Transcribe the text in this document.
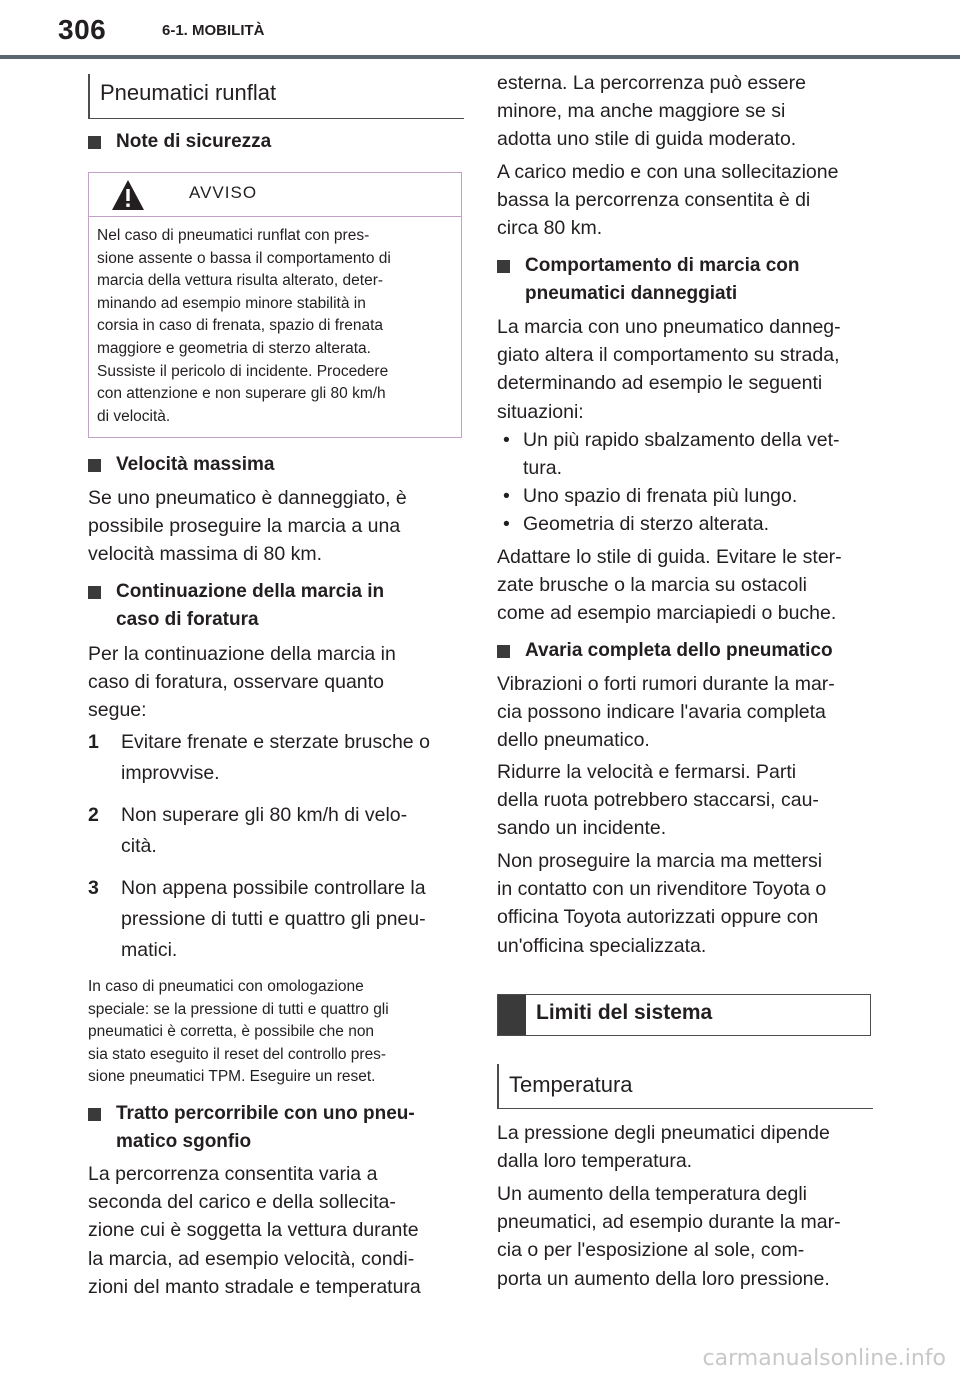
306	6-1. MOBILITÀ
Pneumatici runflat
Note di sicurezza
AVVISO
Nel caso di pneumatici runflat con pres-
sione assente o bassa il comportamento di
marcia della vettura risulta alterato, deter-
minando ad esempio minore stabilità in
corsia in caso di frenata, spazio di frenata
maggiore e geometria di sterzo alterata.
Sussiste il pericolo di incidente. Procedere
con attenzione e non superare gli 80 km/h
di velocità.
Velocità massima
Se uno pneumatico è danneggiato, è
possibile proseguire la marcia a una
velocità massima di 80 km.
Continuazione della marcia in
caso di foratura
Per la continuazione della marcia in
caso di foratura, osservare quanto
segue:
1	Evitare frenate e sterzate brusche o
improvvise.
2	Non superare gli 80 km/h di velo-
cità.
3	Non appena possibile controllare la
pressione di tutti e quattro gli pneu-
matici.
In caso di pneumatici con omologazione
speciale: se la pressione di tutti e quattro gli
pneumatici è corretta, è possibile che non
sia stato eseguito il reset del controllo pres-
sione pneumatici TPM. Eseguire un reset.
Tratto percorribile con uno pneu-
matico sgonfio
La percorrenza consentita varia a
seconda del carico e della sollecita-
zione cui è soggetta la vettura durante
la marcia, ad esempio velocità, condi-
zioni del manto stradale e temperatura
esterna. La percorrenza può essere
minore, ma anche maggiore se si
adotta uno stile di guida moderato.
A carico medio e con una sollecitazione
bassa la percorrenza consentita è di
circa 80 km.
Comportamento di marcia con
pneumatici danneggiati
La marcia con uno pneumatico danneg-
giato altera il comportamento su strada,
determinando ad esempio le seguenti
situazioni:
• Un più rapido sbalzamento della vet-
tura.
• Uno spazio di frenata più lungo.
• Geometria di sterzo alterata.
Adattare lo stile di guida. Evitare le ster-
zate brusche o la marcia su ostacoli
come ad esempio marciapiedi o buche.
Avaria completa dello pneumatico
Vibrazioni o forti rumori durante la mar-
cia possono indicare l'avaria completa
dello pneumatico.
Ridurre la velocità e fermarsi. Parti
della ruota potrebbero staccarsi, cau-
sando un incidente.
Non proseguire la marcia ma mettersi
in contatto con un rivenditore Toyota o
officina Toyota autorizzati oppure con
un'officina specializzata.
Limiti del sistema
Temperatura
La pressione degli pneumatici dipende
dalla loro temperatura.
Un aumento della temperatura degli
pneumatici, ad esempio durante la mar-
cia o per l'esposizione al sole, com-
porta un aumento della loro pressione.
carmanualsonline.info
